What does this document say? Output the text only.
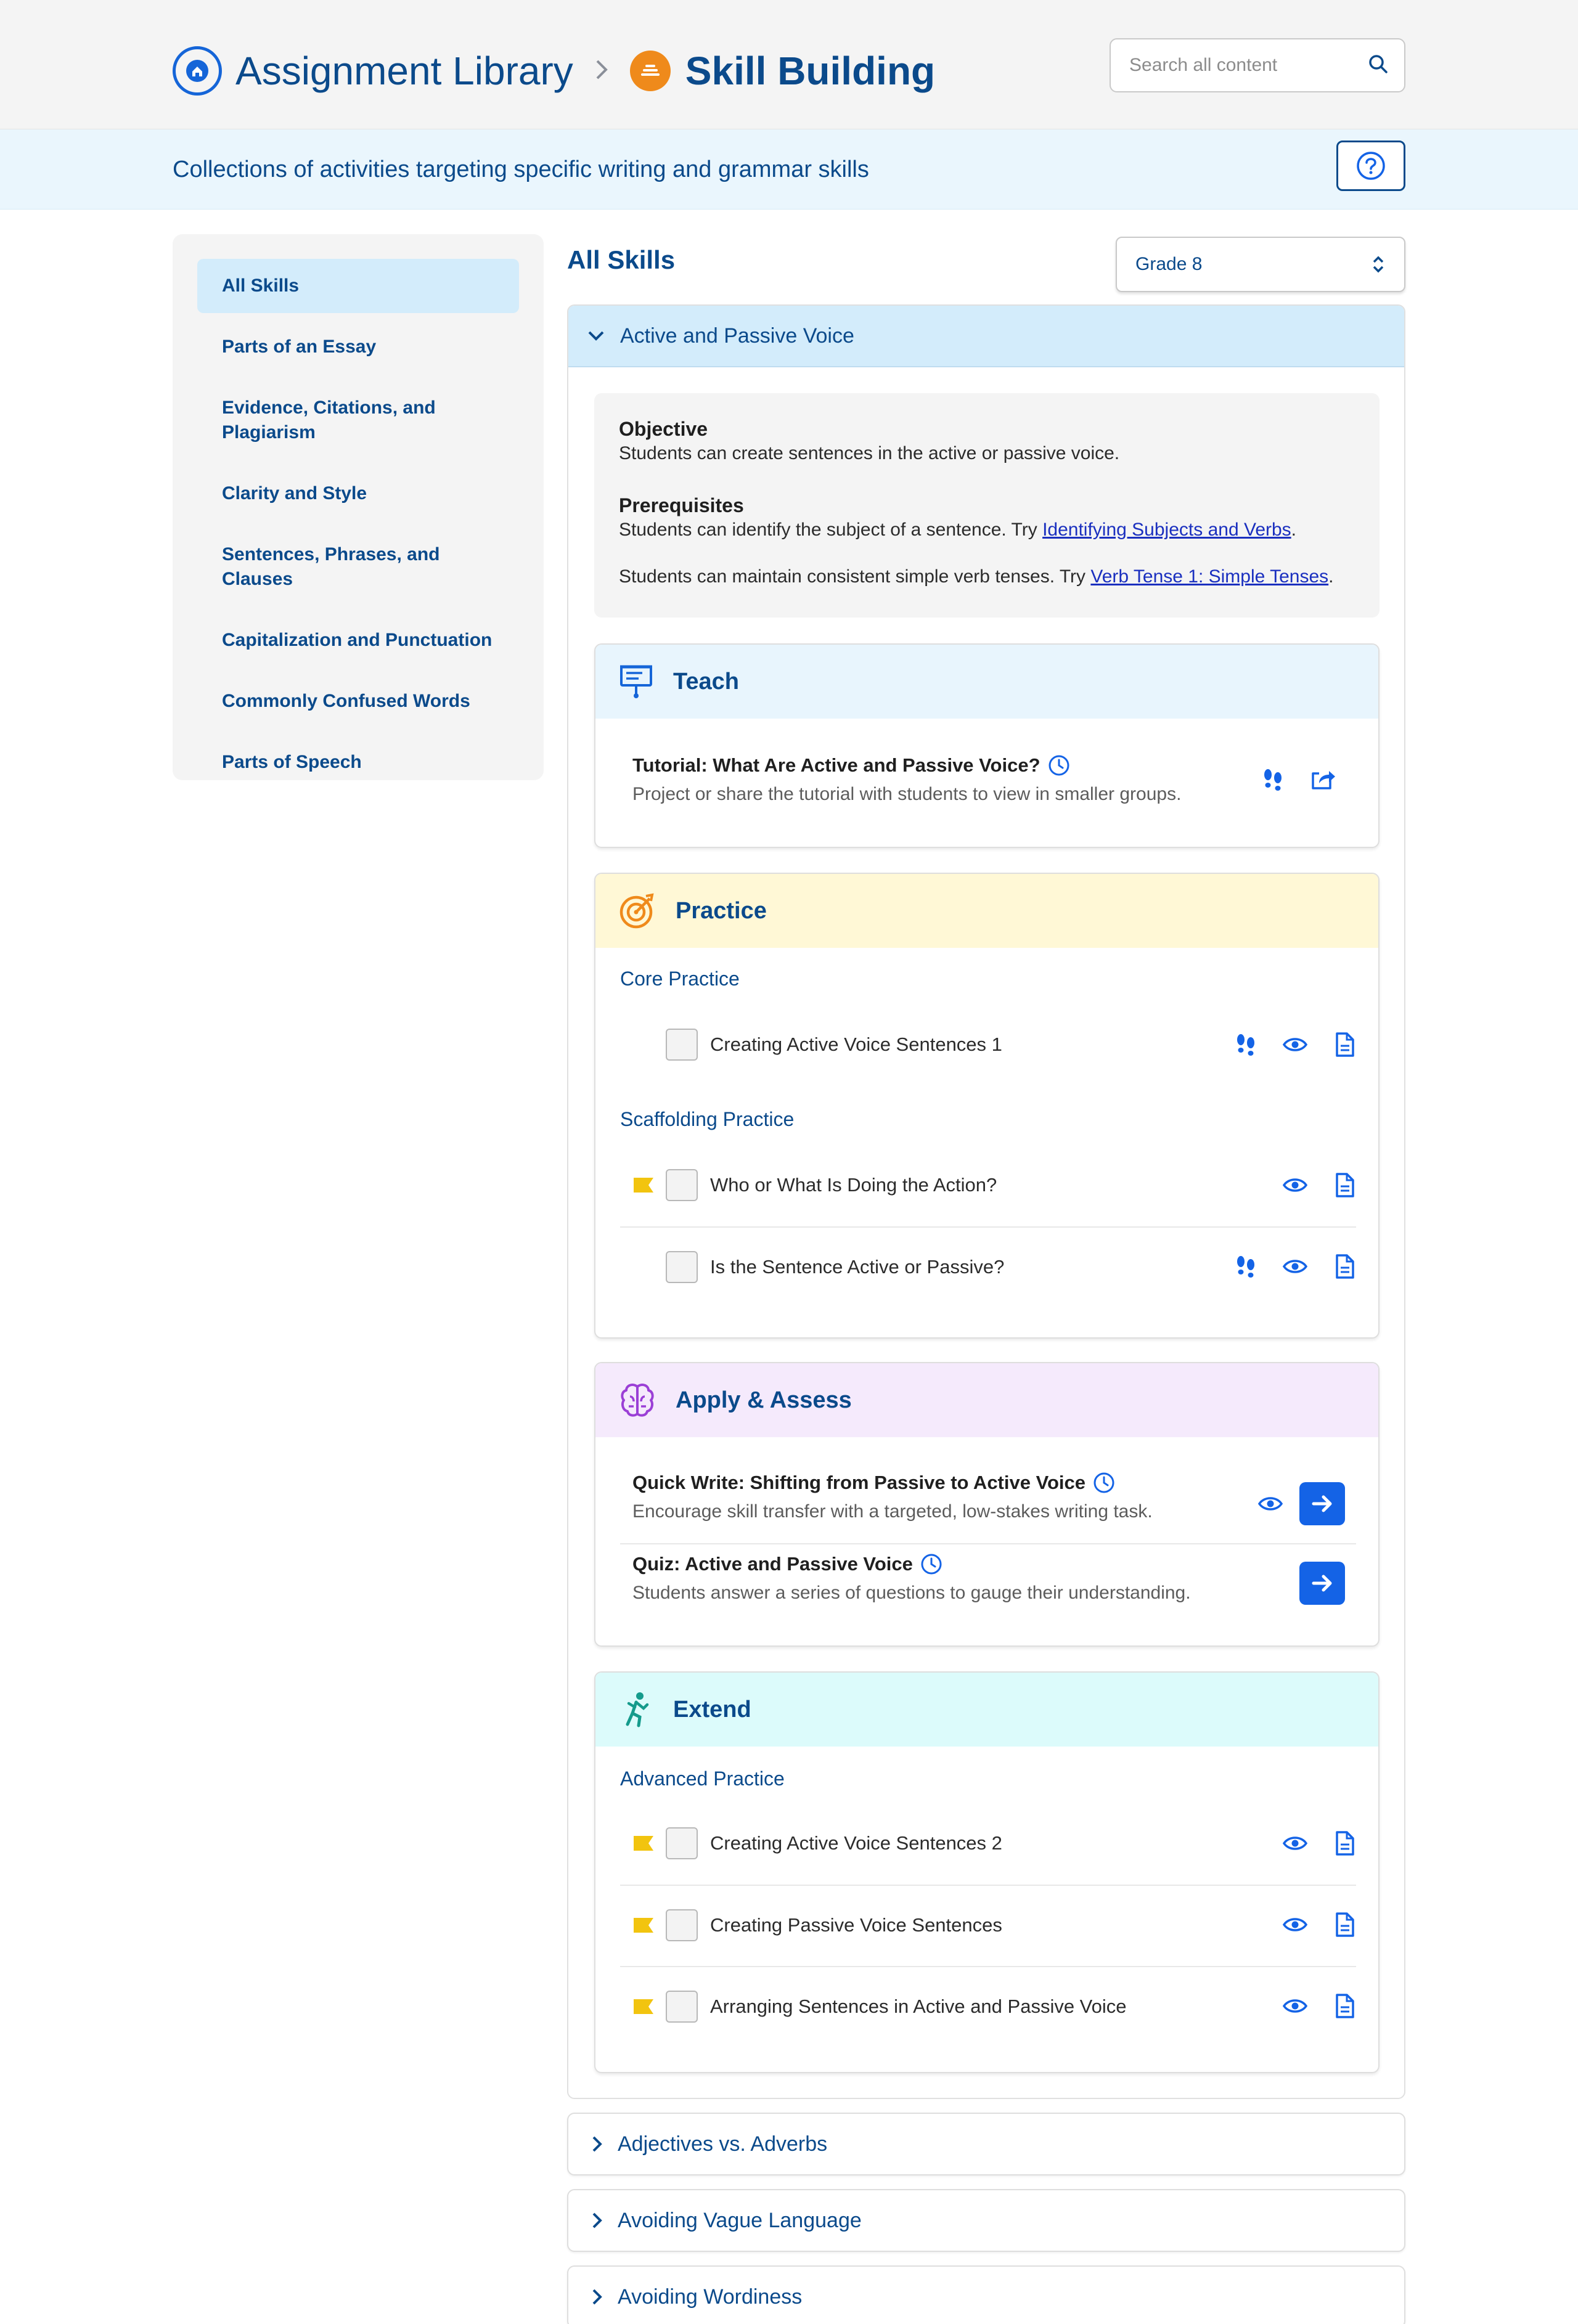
Assignment Library	Skill Building
Search all content
Collections of activities targeting specific writing and grammar skills
All Skills
Parts of an Essay
Evidence, Citations, and Plagiarism
Clarity and Style
Sentences, Phrases, and Clauses
Capitalization and Punctuation
Commonly Confused Words
Parts of Speech
All Skills	Grade 8
Active and Passive Voice
Objective
Students can create sentences in the active or passive voice.
Prerequisites
Students can identify the subject of a sentence. Try Identifying Subjects and Verbs.
Students can maintain consistent simple verb tenses. Try Verb Tense 1: Simple Tenses.
Teach
Tutorial: What Are Active and Passive Voice?
Project or share the tutorial with students to view in smaller groups.
Practice
Core Practice
Creating Active Voice Sentences 1
Scaffolding Practice
Who or What Is Doing the Action?
Is the Sentence Active or Passive?
Apply & Assess
Quick Write: Shifting from Passive to Active Voice
Encourage skill transfer with a targeted, low-stakes writing task.
Quiz: Active and Passive Voice
Students answer a series of questions to gauge their understanding.
Extend
Advanced Practice
Creating Active Voice Sentences 2
Creating Passive Voice Sentences
Arranging Sentences in Active and Passive Voice
Adjectives vs. Adverbs
Avoiding Vague Language
Avoiding Wordiness
